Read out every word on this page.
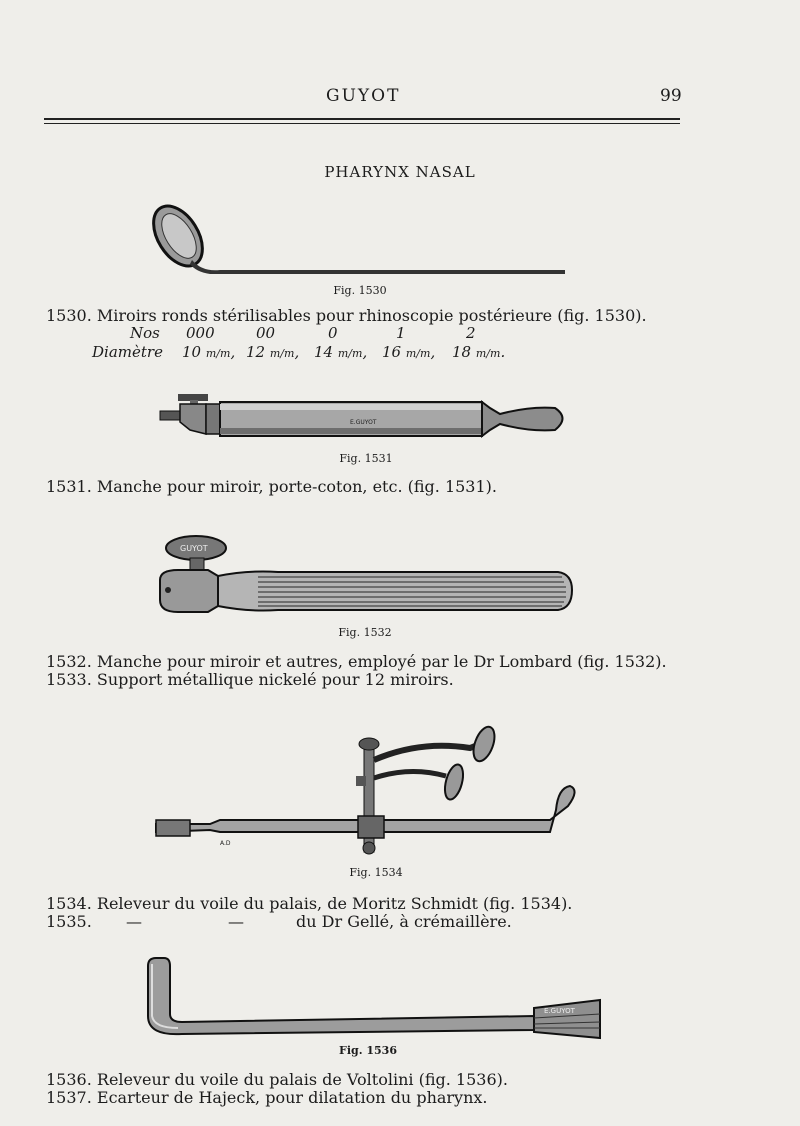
GUYOT	99
PHARYNX NASAL
Fig. 1530
1530. Miroirs ronds stérilisables pour rhinoscopie postérieure (fig. 1530).
Nos 000	00	0	1	2
Diamètre 10 m/m, 12 m/m, 14 m/m, 16 m/m, 18 m/m.
E.GUYOT
Fig. 1531
1531. Manche pour miroir, porte-coton, etc. (fig. 1531).
GUYOT
Fig. 1532
1532. Manche pour miroir et autres, employé par le Dr Lombard (fig. 1532).
1533. Support métallique nickelé pour 12 miroirs.
A.D
Fig. 1534
1534. Releveur du voile du palais, de Moritz Schmidt (fig. 1534).
1535. —	—	du Dr Gellé, à crémaillère.
E.GUYOT
Fig. 1536
1536. Releveur du voile du palais de Voltolini (fig. 1536).
1537. Ecarteur de Hajeck, pour dilatation du pharynx.
